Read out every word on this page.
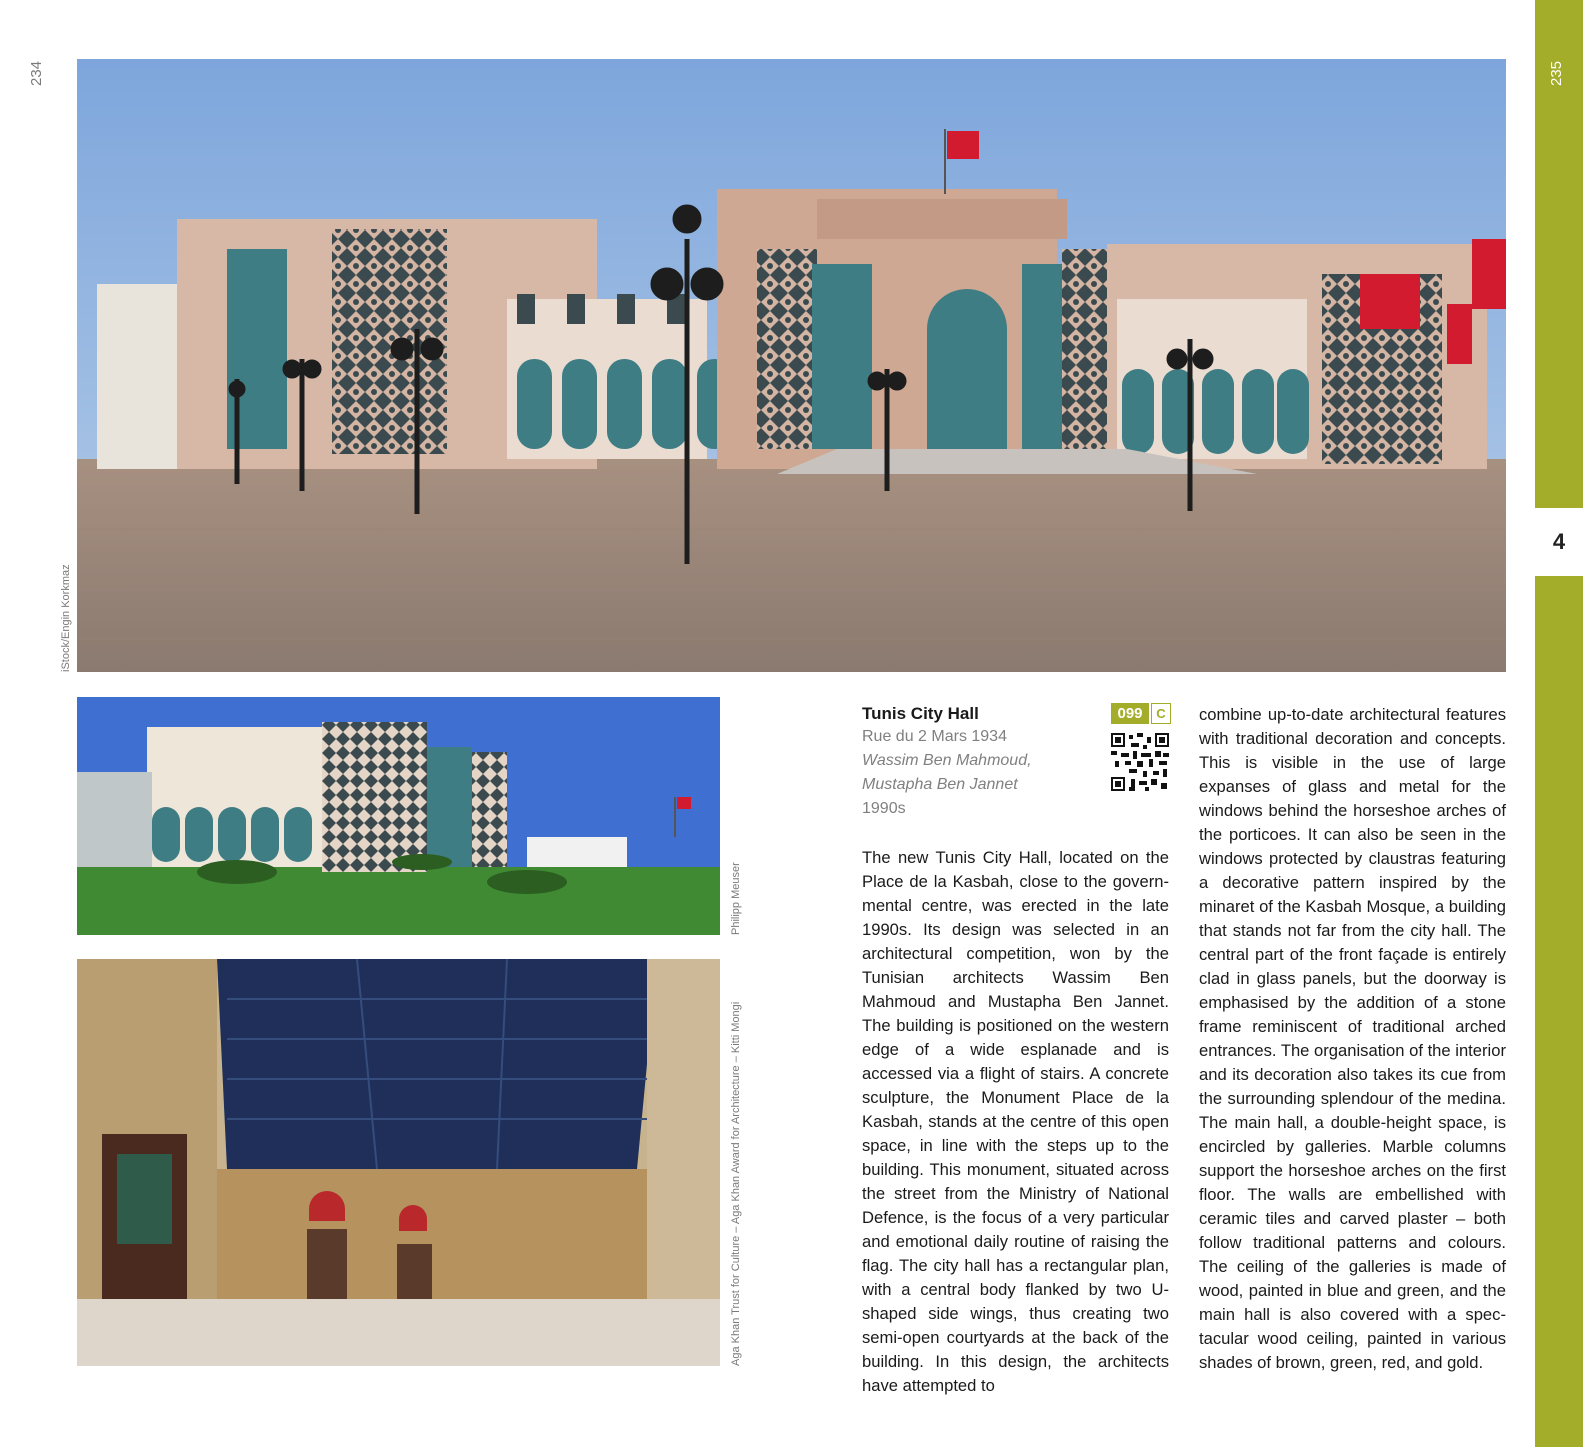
234	235
4
iStock/Engin Korkmaz
Philipp Meuser
Aga Khan Trust for Culture – Aga Khan Award for Architecture – Kitti Mongi
Tunis City Hall
Rue du 2 Mars 1934
Wassim Ben Mahmoud,
Mustapha Ben Jannet
1990s
099	C
The new Tunis City Hall, located on the Place de la Kasbah, close to the governmental centre, was erected in the late 1990s. Its design was selected in an architectural competition, won by the Tunisian architects Wassim Ben Mahmoud and Mustapha Ben Jannet. The building is positioned on the western edge of a wide esplanade and is accessed via a flight of stairs. A concrete sculpture, the Monument Place de la Kasbah, stands at the centre of this open space, in line with the steps up to the building. This monument, situated across the street from the Ministry of National Defence, is the focus of a very particular and emotional daily routine of raising the flag. The city hall has a rectangular plan, with a central body flanked by two U-shaped side wings, thus creating two semi-open courtyards at the back of the building. In this design, the architects have attempted to
combine up-to-date architectural features with traditional decoration and concepts. This is visible in the use of large expanses of glass and metal for the windows behind the horseshoe arches of the porticoes. It can also be seen in the windows protected by claustras featuring a decorative pattern inspired by the minaret of the Kasbah Mosque, a building that stands not far from the city hall. The central part of the front façade is entirely clad in glass panels, but the doorway is emphasised by the addition of a stone frame reminiscent of traditional arched entrances. The organisation of the interior and its decoration also takes its cue from the surrounding splendour of the medina. The main hall, a double-height space, is encircled by galleries. Marble columns support the horseshoe arches on the first floor. The walls are embellished with ceramic tiles and carved plaster – both follow traditional patterns and colours. The ceiling of the galleries is made of wood, painted in blue and green, and the main hall is also covered with a spectacular wood ceiling, painted in various shades of brown, green, red, and gold.
